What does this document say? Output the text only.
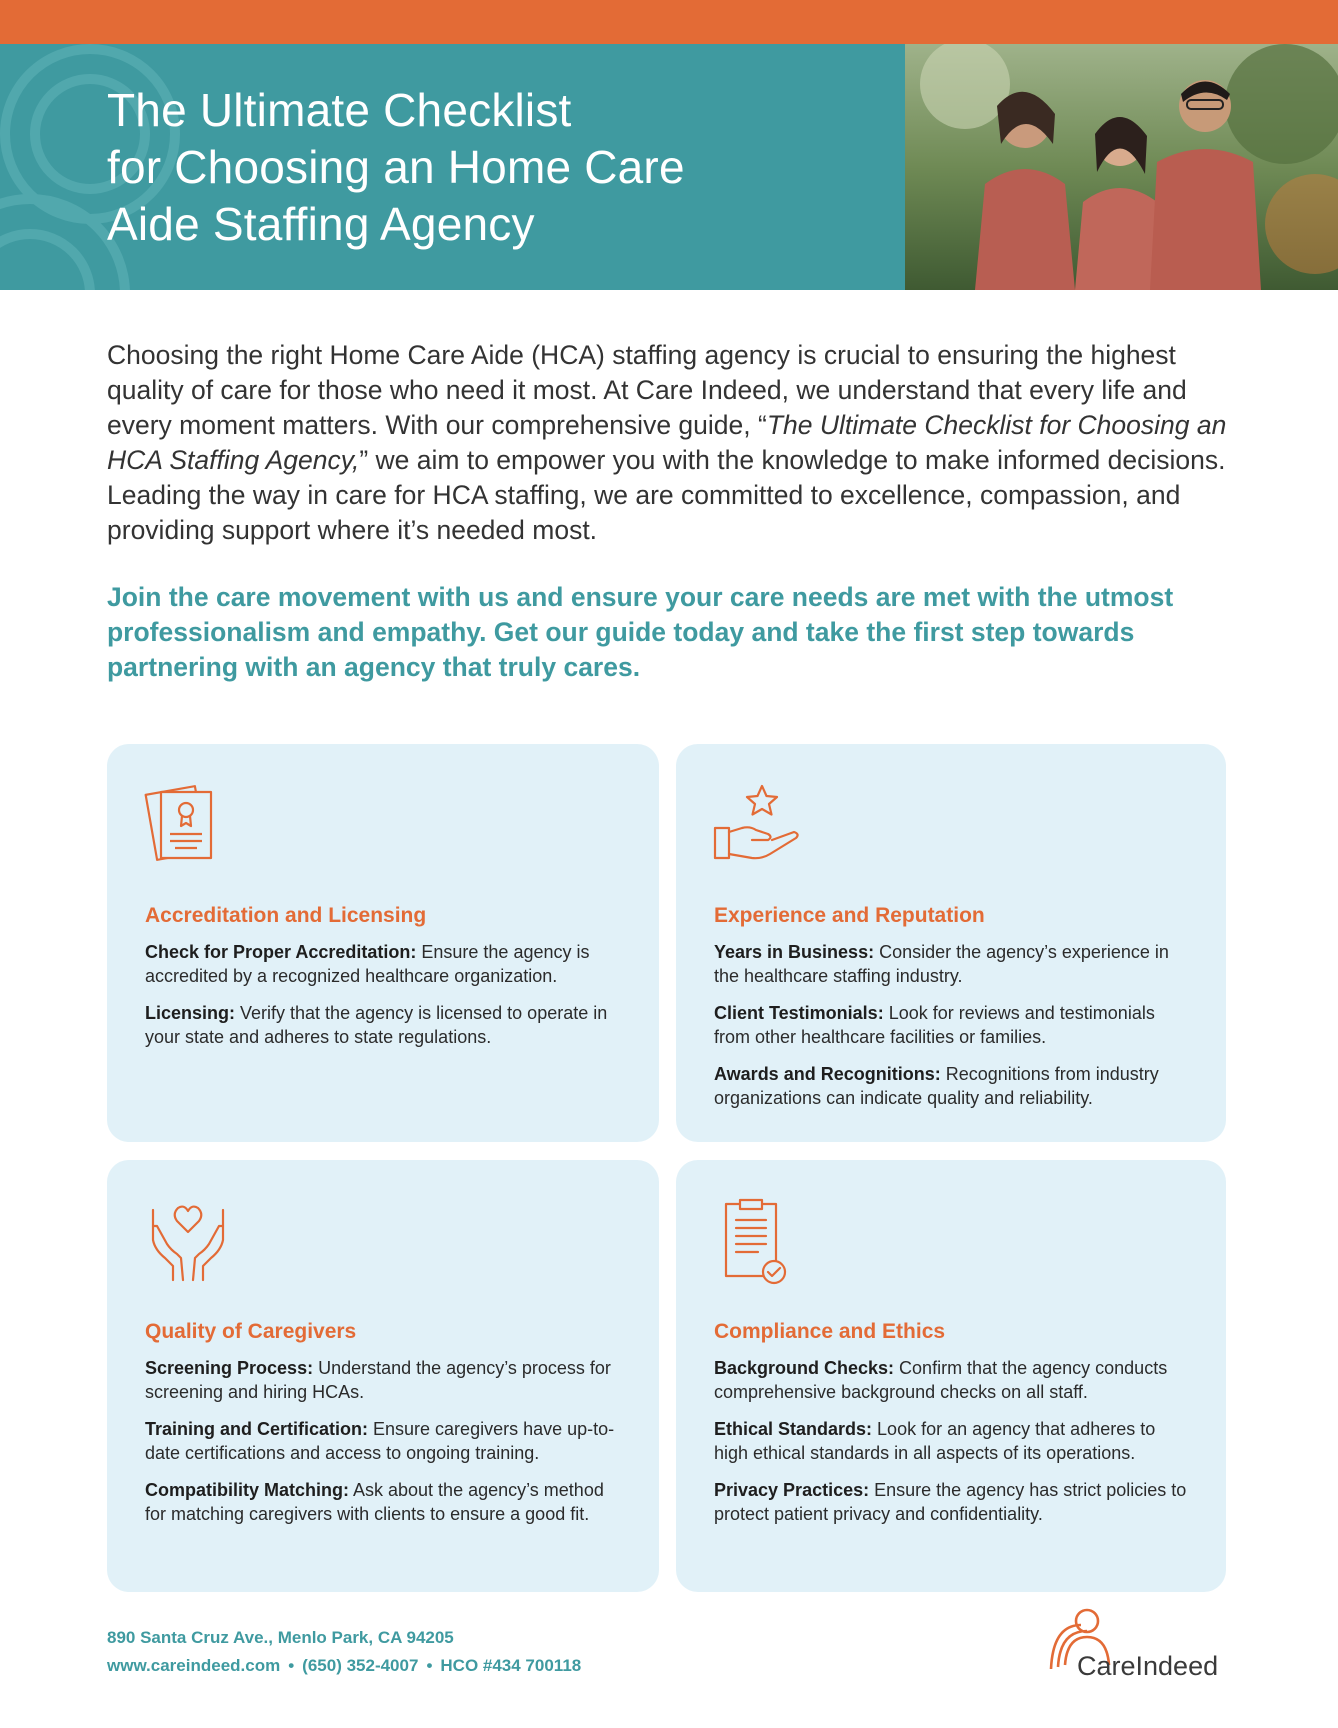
The Ultimate Checklist
for Choosing an Home Care
Aide Staffing Agency

Choosing the right Home Care Aide (HCA) staffing agency is crucial to ensuring the highest quality of care for those who need it most. At Care Indeed, we understand that every life and every moment matters. With our comprehensive guide, “The Ultimate Checklist for Choosing an HCA Staffing Agency,” we aim to empower you with the knowledge to make informed decisions. Leading the way in care for HCA staffing, we are committed to excellence, compassion, and providing support where it’s needed most.

Join the care movement with us and ensure your care needs are met with the utmost professionalism and empathy. Get our guide today and take the first step towards partnering with an agency that truly cares.

Accreditation and Licensing
Check for Proper Accreditation: Ensure the agency is accredited by a recognized healthcare organization.
Licensing: Verify that the agency is licensed to operate in your state and adheres to state regulations.
Experience and Reputation
Years in Business: Consider the agency’s experience in the healthcare staffing industry.
Client Testimonials: Look for reviews and testimonials from other healthcare facilities or families.
Awards and Recognitions: Recognitions from industry organizations can indicate quality and reliability.
Quality of Caregivers
Screening Process: Understand the agency’s process for screening and hiring HCAs.
Training and Certification: Ensure caregivers have up-to-date certifications and access to ongoing training.
Compatibility Matching: Ask about the agency’s method for matching caregivers with clients to ensure a good fit.
Compliance and Ethics
Background Checks: Confirm that the agency conducts comprehensive background checks on all staff.
Ethical Standards: Look for an agency that adheres to high ethical standards in all aspects of its operations.
Privacy Practices: Ensure the agency has strict policies to protect patient privacy and confidentiality.
890 Santa Cruz Ave., Menlo Park, CA 94205
www.careindeed.com • (650) 352-4007 • HCO #434 700118	CareIndeed
